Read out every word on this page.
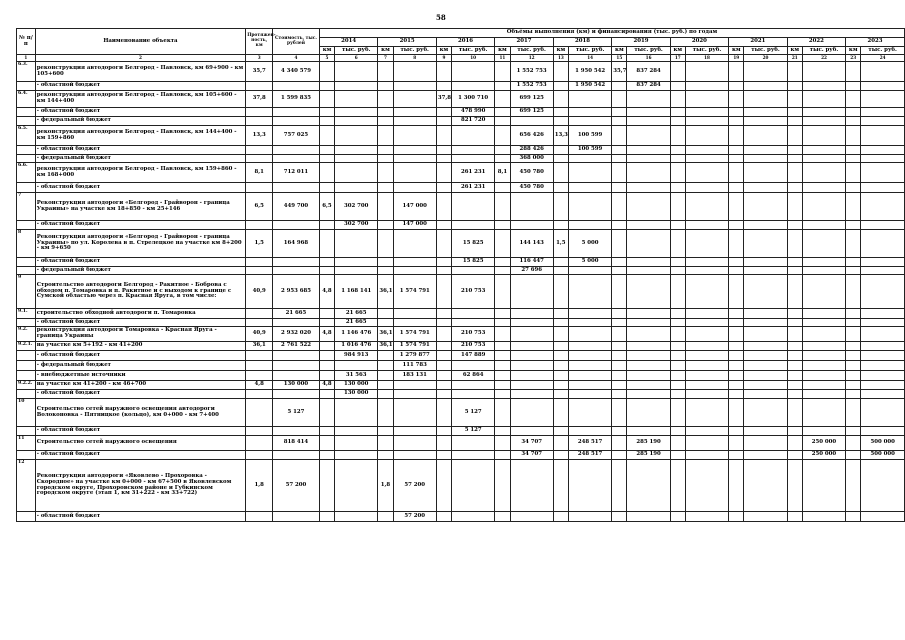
58
№ п/п	Наименование объекта	Протяжен-ность, км	Стоимость, тыс. рублей	Объёмы выполнения (км) и финансирования (тыс. руб.) по годам																			
				2014		2015		2016		2017		2018		2019		2020		2021		2022		2023	
				км	тыс. руб.	км	тыс. руб.	км	тыс. руб.	км	тыс. руб.	км	тыс. руб.	км	тыс. руб.	км	тыс. руб.	км	тыс. руб.	км	тыс. руб.	км	тыс. руб.
1	2	3	4	5	6	7	8	9	10	11	12	13	14	15	16	17	18	19	20	21	22	23	24
6.3.	реконструкция автодороги Белгород - Павловск, км 69+900 - км 105+600	35,7	4 340 579								1 552 753		1 950 542	35,7	837 284								
	- областной бюджет										1 552 753		1 950 542		837 284								
6.4.	реконструкция автодороги Белгород - Павловск, км 105+600 - км 144+400	37,8	1 599 835					37,8	1 300 710		699 125												
	- областной бюджет								478 990		699 125												
	- федеральный бюджет								821 720														
6.5.	реконструкция автодороги Белгород - Павловск, км 144+400 - км 159+860	13,3	757 025								656 426	13,3	100 599										
	- областной бюджет										288 426		100 599										
	- федеральный бюджет										368 000												
6.6.	реконструкция автодороги Белгород - Павловск, км 159+860 - км 168+000	8,1	712 011						261 231	8,1	450 780												
	- областной бюджет								261 231		450 780												
7	Реконструкция автодороги «Белгород - Грайворон - граница Украины» на участке км 18+850 - км 25+146	6,5	449 700	6,5	302 700		147 000																
	- областной бюджет				302 700		147 000																
8	Реконструкция автодороги «Белгород - Грайворон - граница Украины» по ул. Королева в п. Стрелецкое на участке км 8+200 - км 9+650	1,5	164 968						15 825		144 143	1,5	5 000										
	- областной бюджет								15 825		116 447		5 000										
	- федеральный бюджет										27 696												
9	Строительство автодороги Белгород - Ракитное - Боброва с обходом п. Томаровка и п. Ракитное и с выходом к границе с Сумской областью через п. Красная Яруга, в том числе:	40,9	2 953 685	4,8	1 168 141	36,1	1 574 791		210 753														
9.1.	строительство обходной автодороги п. Томаровка		21 665		21 665																		
	- областной бюджет				21 665																		
9.2.	реконструкция автодороги Томаровка - Красная Яруга - граница Украины	40,9	2 932 020	4,8	1 146 476	36,1	1 574 791		210 753														
9.2.1.	на участке км 5+192 - км 41+200	36,1	2 761 522		1 016 476	36,1	1 574 791		210 753														
	- областной бюджет				984 913		1 279 877		147 889														
	- федеральный бюджет						111 783																
	- внебюджетные источники				31 563		183 131		62 864														
9.2.2.	на участке км 41+200 - км 46+700	4,8	130 000	4,8	130 000																		
	- областной бюджет				130 000																		
10	Строительство сетей наружного освещения автодороги Волоконовка - Пятницкое (кольцо), км 0+000 - км 7+400		5 127						5 127														
	- областной бюджет								5 127														
11	Строительство сетей наружного освещения		818 414								34 707		248 517		285 190						250 000		500 000
	- областной бюджет										34 707		248 517		285 190						250 000		500 000
12	Реконструкция автодороги «Яковлево - Прохоровка - Скородное» на участке км 0+000 - км 67+500 в Яковлевском городском округе, Прохоровском районе и Губкинском городском округе (этап 1, км 31+222 - км 33+722)	1,8	57 200			1,8	57 200																
	- областной бюджет						57 200																
